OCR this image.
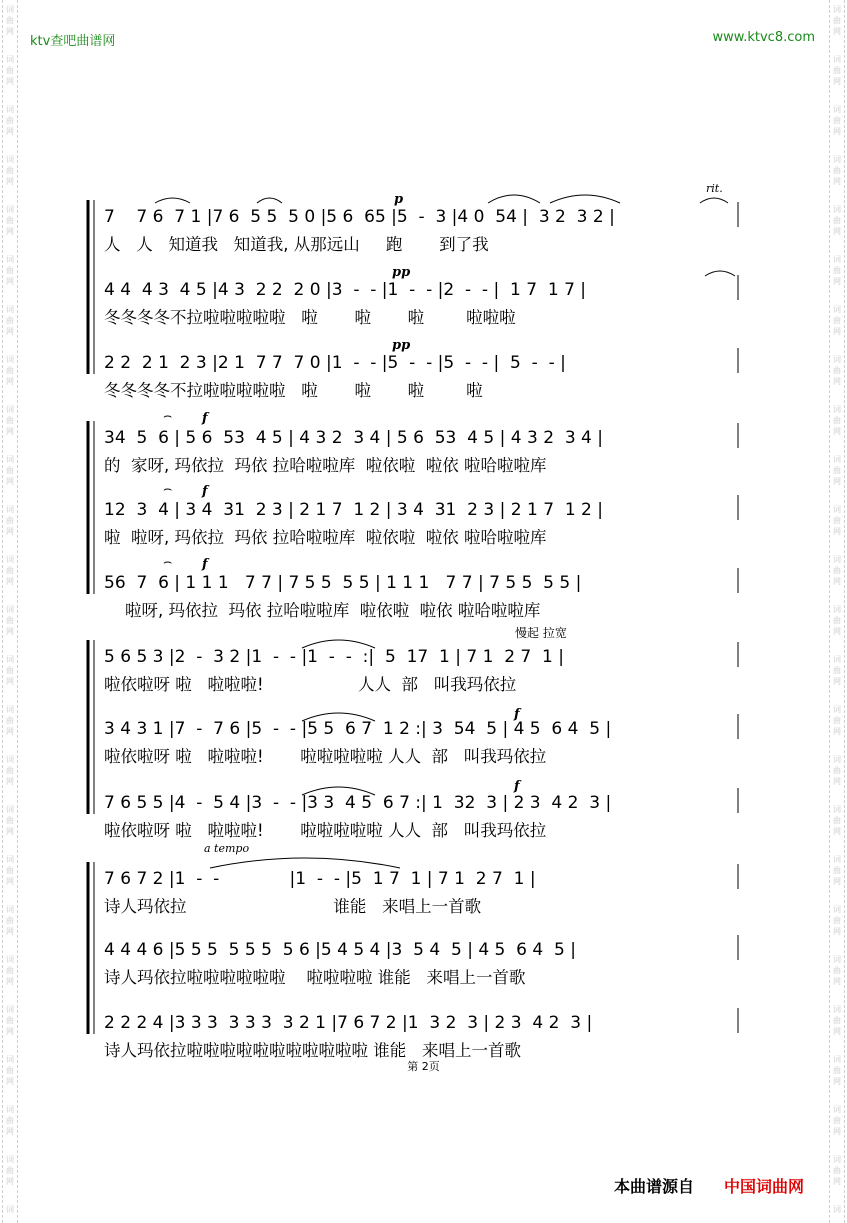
词
曲
网
词
曲
网
词
曲
网
词
曲
网
词
曲
网
词
曲
网
词
曲
网
词
曲
网
词
曲
网
词
曲
网
词
曲
网
词
曲
网
词
曲
网
词
曲
网
词
曲
网
词
曲
网
词
曲
网
词
曲
网
词
曲
网
词
曲
网
词
曲
网
词
曲
网
词
曲
网
词
曲
网
词
词
曲
网
词
曲
网
词
曲
网
词
曲
网
词
曲
网
词
曲
网
词
曲
网
词
曲
网
词
曲
网
词
曲
网
词
曲
网
词
曲
网
词
曲
网
词
曲
网
词
曲
网
词
曲
网
词
曲
网
词
曲
网
词
曲
网
词
曲
网
词
曲
网
词
曲
网
词
曲
网
词
曲
网
词
ktv查吧曲谱网	www.ktvc8.com
7    7 6  7 1 |7 6  5 5  5 0 |5 6  65 |5  -  3 |4 0  54 |  3 2  3 2 |
人   人   知道我   知道我, 从那远山     跑       到了我
4 4  4 3  4 5 |4 3  2 2  2 0 |3  -  - |1  -  - |2  -  - |  1 7  1 7 |
冬冬冬冬不拉啦啦啦啦啦   啦       啦       啦        啦啦啦
2 2  2 1  2 3 |2 1  7 7  7 0 |1  -  - |5  -  - |5  -  - |  5  -  - |
冬冬冬冬不拉啦啦啦啦啦   啦       啦       啦        啦
34  5  6 | 5 6  53  4 5 | 4 3 2  3 4 | 5 6  53  4 5 | 4 3 2  3 4 |
的  家呀, 玛依拉  玛依 拉哈啦啦库  啦依啦  啦依 啦哈啦啦库
12  3  4 | 3 4  31  2 3 | 2 1 7  1 2 | 3 4  31  2 3 | 2 1 7  1 2 |
啦  啦呀, 玛依拉  玛依 拉哈啦啦库  啦依啦  啦依 啦哈啦啦库
56  7  6 | 1 1 1   7 7 | 7 5 5  5 5 | 1 1 1   7 7 | 7 5 5  5 5 |
啦呀, 玛依拉  玛依 拉哈啦啦库  啦依啦  啦依 啦哈啦啦库
5 6 5 3 |2  -  3 2 |1  -  - |1  -  -  :|  5  17  1 | 7 1  2 7  1 |
啦依啦呀 啦   啦啦啦!                  人人  部   叫我玛依拉
3 4 3 1 |7  -  7 6 |5  -  - |5 5  6 7  1 2 :| 3  54  5 | 4 5  6 4  5 |
啦依啦呀 啦   啦啦啦!       啦啦啦啦啦 人人  部   叫我玛依拉
7 6 5 5 |4  -  5 4 |3  -  - |3 3  4 5  6 7 :| 1  32  3 | 2 3  4 2  3 |
啦依啦呀 啦   啦啦啦!       啦啦啦啦啦 人人  部   叫我玛依拉
7 6 7 2 |1  -  -             |1  -  - |5  1 7  1 | 7 1  2 7  1 |
诗人玛依拉                            谁能   来唱上一首歌
4 4 4 6 |5 5 5  5 5 5  5 6 |5 4 5 4 |3  5 4  5 | 4 5  6 4  5 |
诗人玛依拉啦啦啦啦啦啦    啦啦啦啦 谁能   来唱上一首歌
2 2 2 4 |3 3 3  3 3 3  3 2 1 |7 6 7 2 |1  3 2  3 | 2 3  4 2  3 |
诗人玛依拉啦啦啦啦啦啦啦啦啦啦啦 谁能   来唱上一首歌
p
pp
pp
rit.
f
f
f
慢起 拉宽
f
f
a tempo
⌢
⌢
⌢
第 2页
本曲谱源自 中国词曲网
